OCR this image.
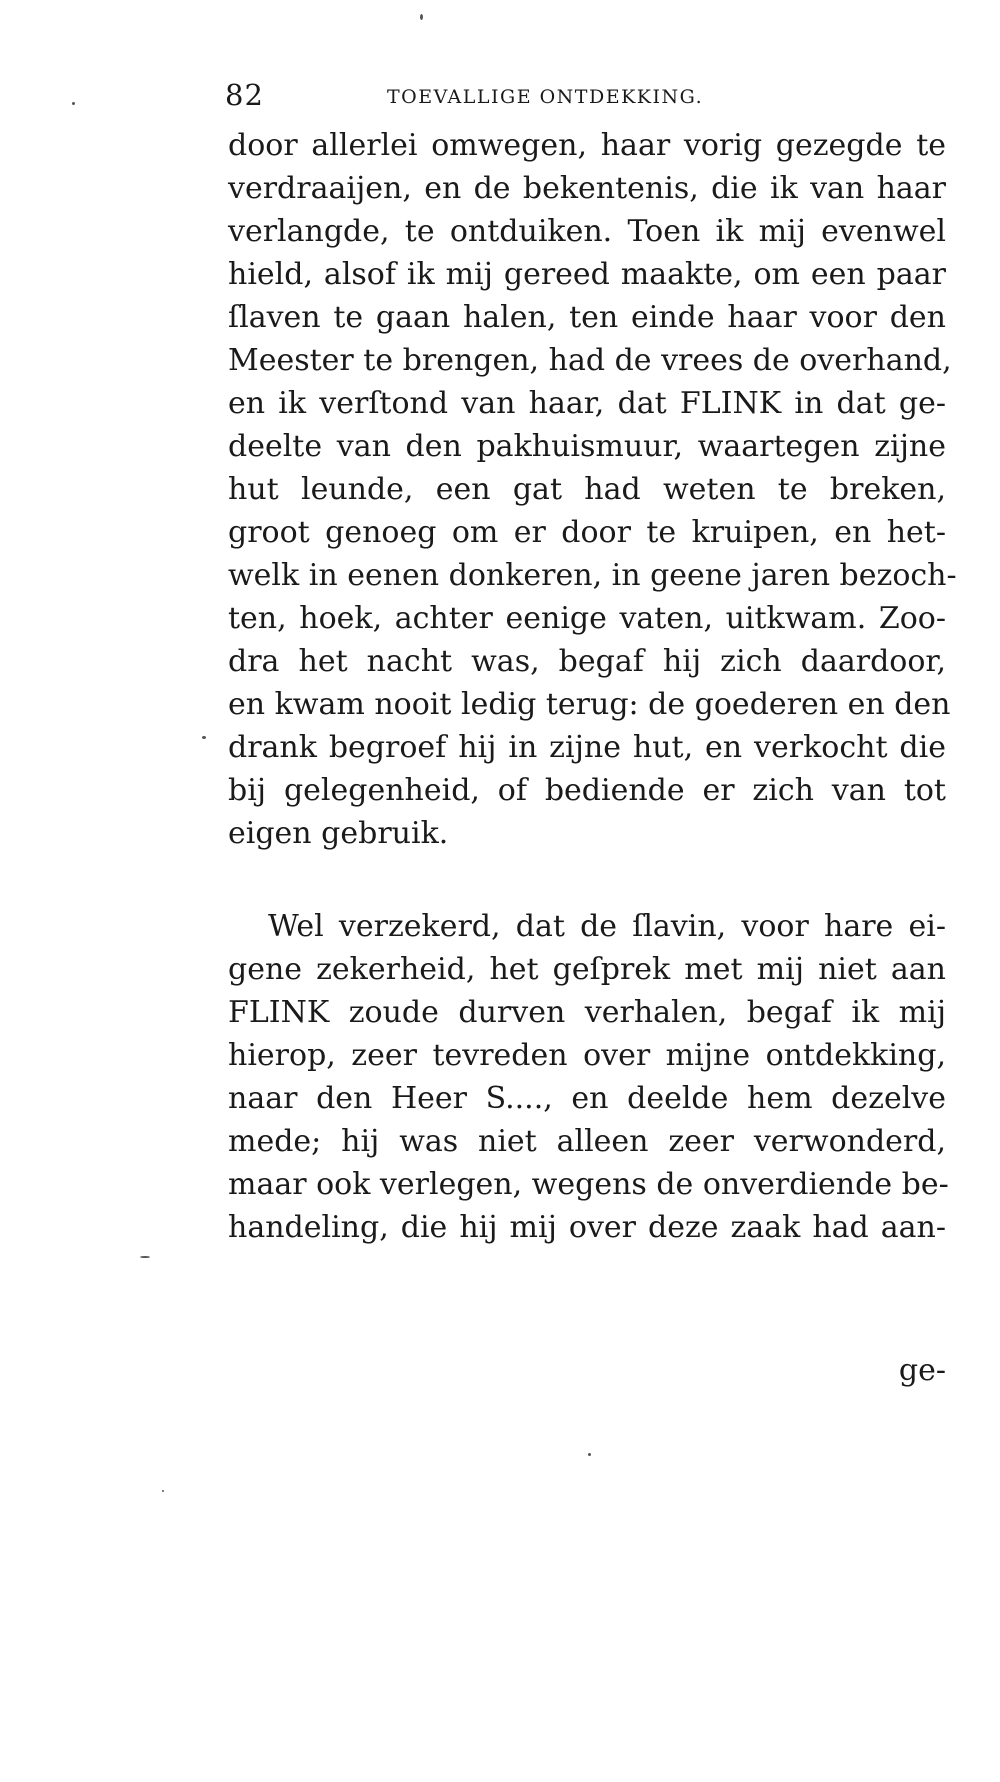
82	TOEVALLIGE ONTDEKKING.
door allerlei omwegen, haar vorig gezegde te
verdraaijen, en de bekentenis, die ik van haar
verlangde, te ontduiken. Toen ik mij evenwel
hield, alsof ik mij gereed maakte, om een paar
ſlaven te gaan halen, ten einde haar voor den
Meester te brengen, had de vrees de overhand,
en ik verſtond van haar, dat FLINK in dat ge-
deelte van den pakhuismuur, waartegen zijne
hut leunde, een gat had weten te breken,
groot genoeg om er door te kruipen, en het-
welk in eenen donkeren, in geene jaren bezoch-
ten, hoek, achter eenige vaten, uitkwam. Zoo-
dra het nacht was, begaf hij zich daardoor,
en kwam nooit ledig terug: de goederen en den
drank begroef hij in zijne hut, en verkocht die
bij gelegenheid, of bediende er zich van tot
eigen gebruik.
Wel verzekerd, dat de ſlavin, voor hare ei-
gene zekerheid, het geſprek met mij niet aan
FLINK zoude durven verhalen, begaf ik mij
hierop, zeer tevreden over mijne ontdekking,
naar den Heer S...., en deelde hem dezelve
mede; hij was niet alleen zeer verwonderd,
maar ook verlegen, wegens de onverdiende be-
handeling, die hij mij over deze zaak had aan-
ge-
